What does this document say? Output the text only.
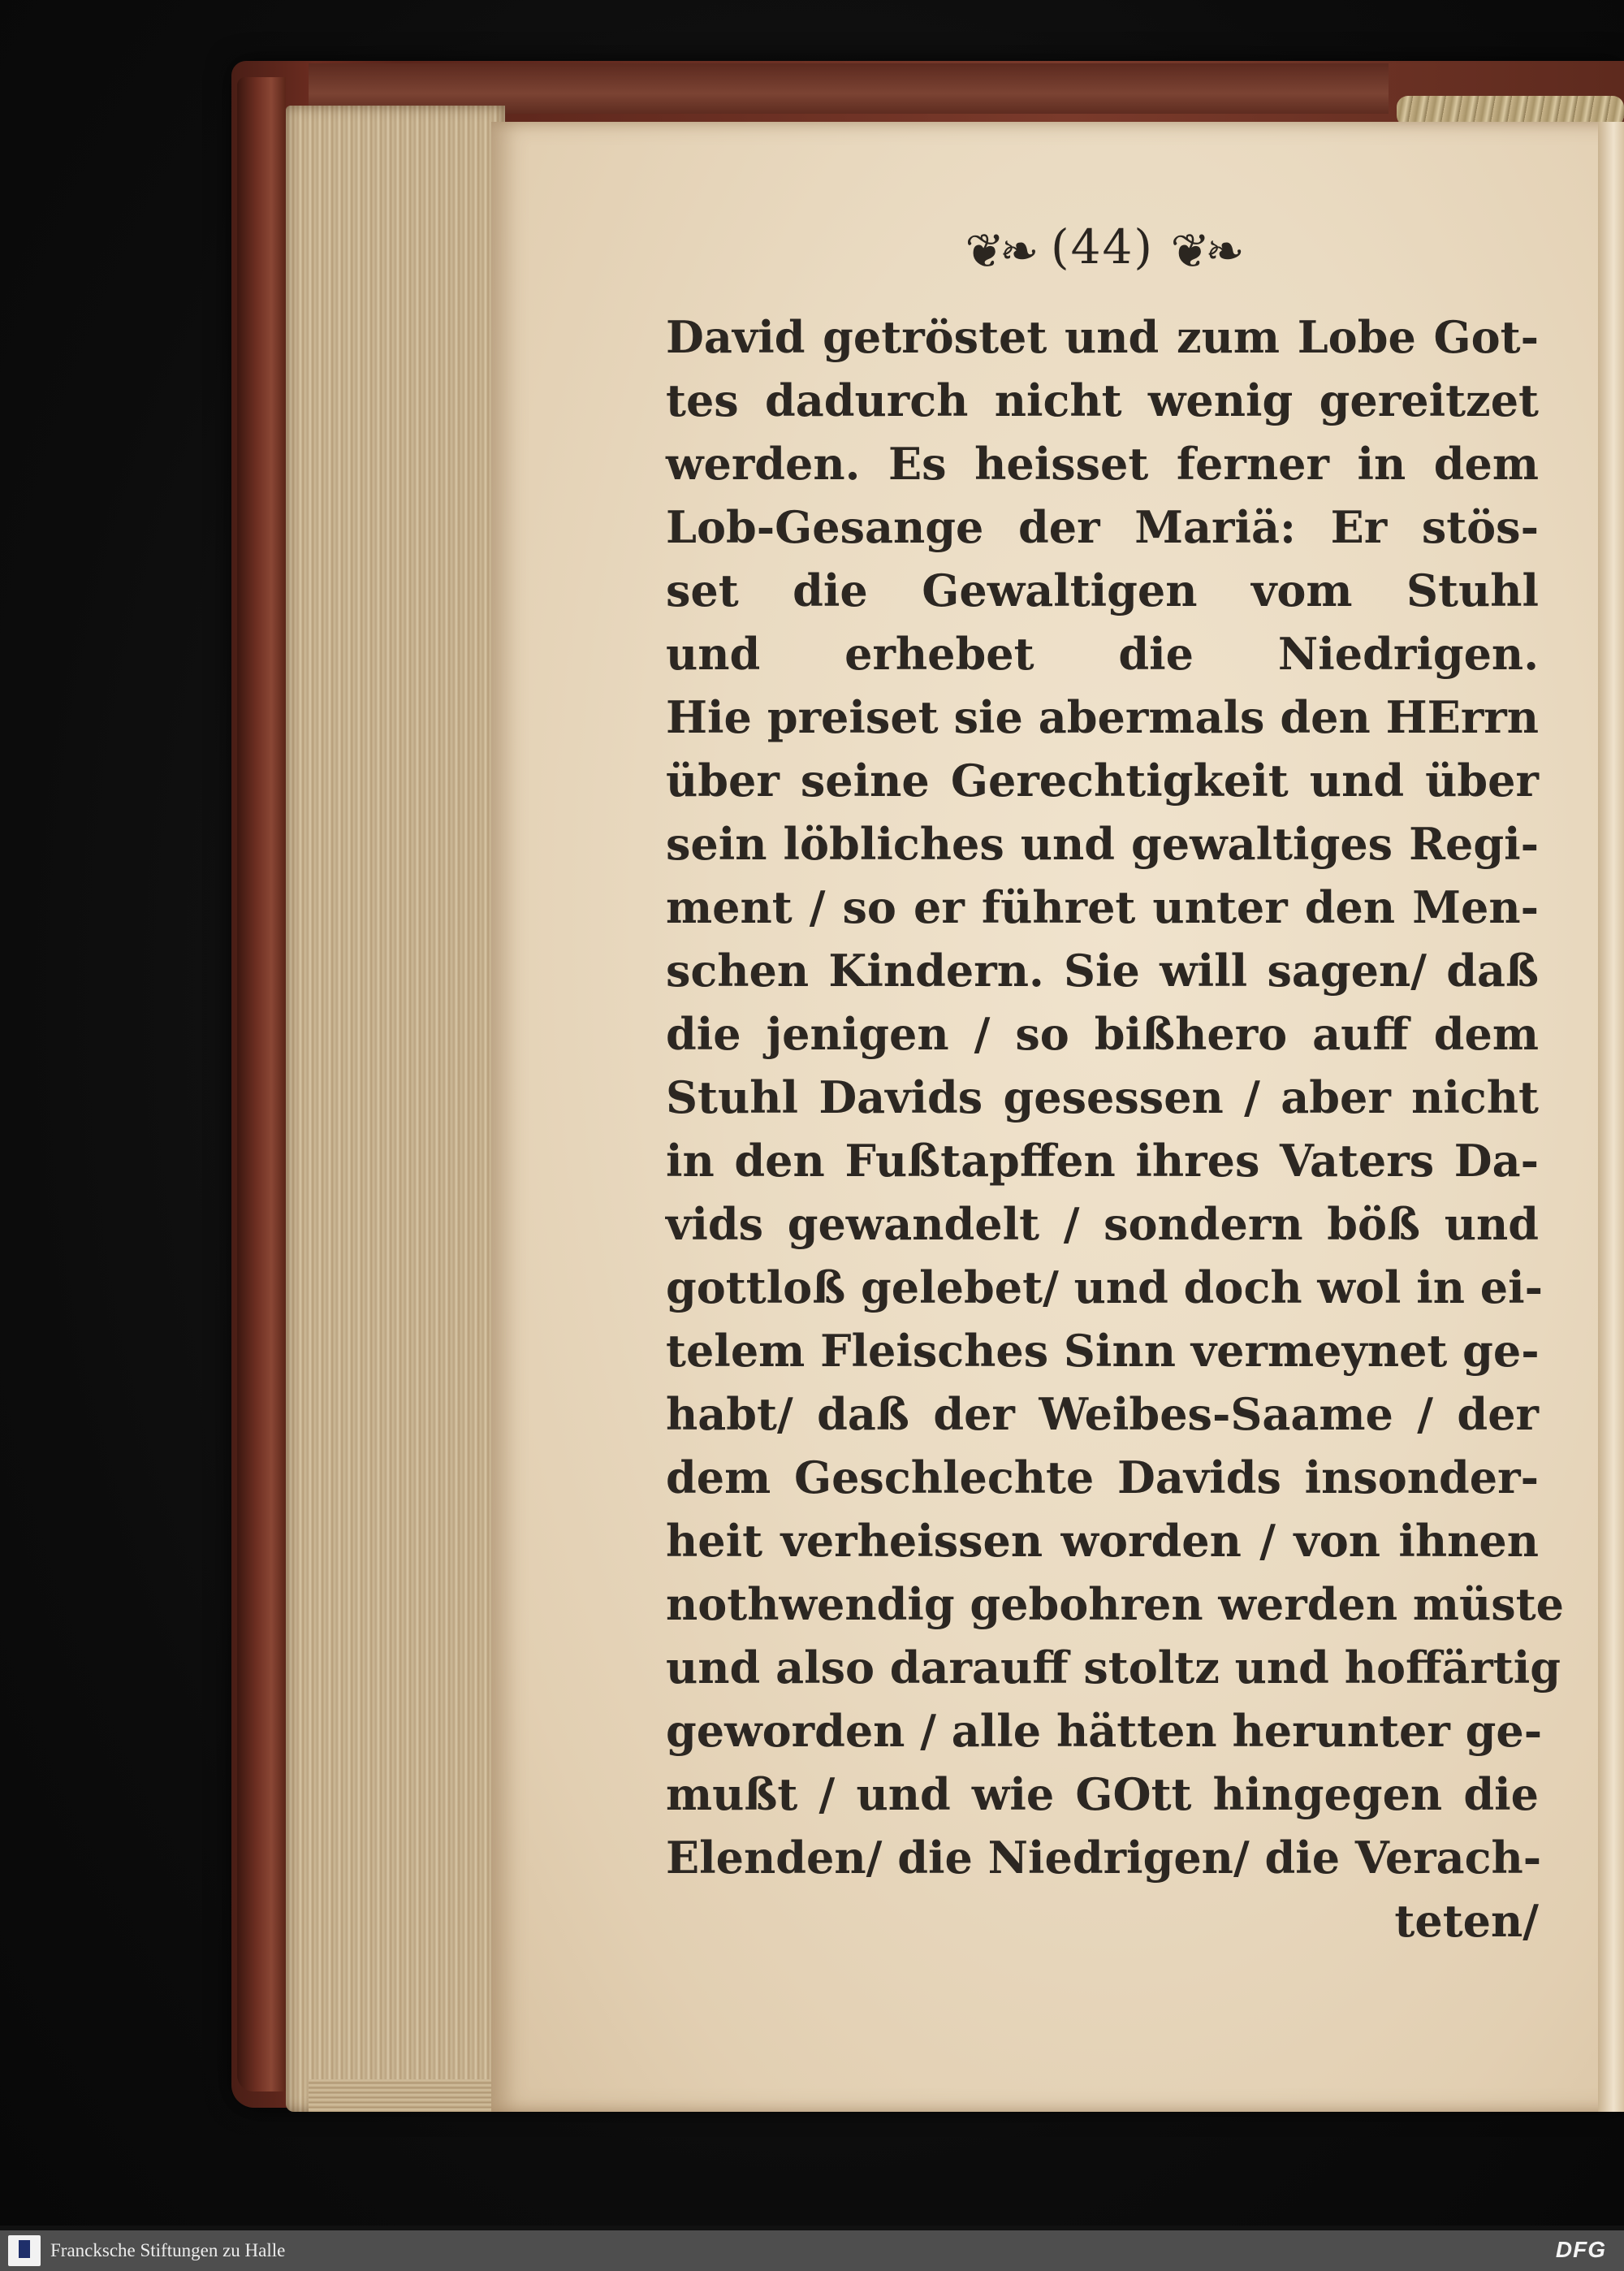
❦❧ (44) ❦❧
David getröstet und zum Lobe Got-
tes dadurch nicht wenig gereitzet
werden. Es heisset ferner in dem
Lob-Gesange der Mariä: Er stös-
set die Gewaltigen vom Stuhl
und erhebet die Niedrigen.
Hie preiset sie abermals den HErrn
über seine Gerechtigkeit und über
sein löbliches und gewaltiges Regi-
ment / so er führet unter den Men-
schen Kindern. Sie will sagen/ daß
die jenigen / so bißhero auff dem
Stuhl Davids gesessen / aber nicht
in den Fußtapffen ihres Vaters Da-
vids gewandelt / sondern böß und
gottloß gelebet/ und doch wol in ei-
telem Fleisches Sinn vermeynet ge-
habt/ daß der Weibes-Saame / der
dem Geschlechte Davids insonder-
heit verheissen worden / von ihnen
nothwendig gebohren werden müste
und also darauff stoltz und hoffärtig
geworden / alle hätten herunter ge-
mußt / und wie GOtt hingegen die
Elenden/ die Niedrigen/ die Verach-
teten/
Francksche Stiftungen zu Halle	DFG
